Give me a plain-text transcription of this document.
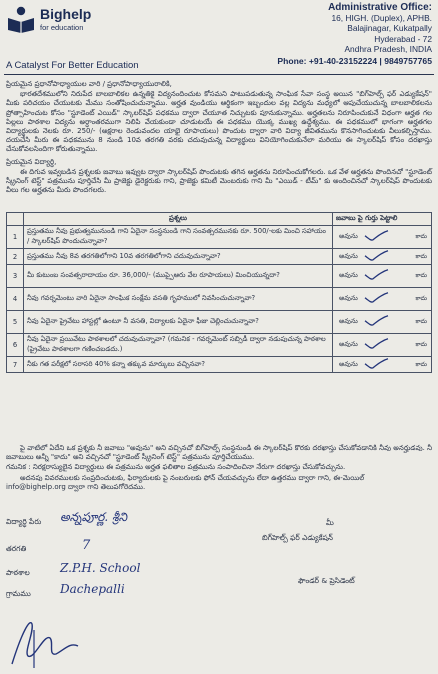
Bighelp
for education
A Catalyst For Better Education
Administrative Office:
16, HIGH. (Duplex), APHB.
Balajinagar, Kukatpally
Hyderabad - 72
Andhra Pradesh, INDIA
Phone: +91-40-23152224 | 9849757765
ప్రియమైన ప్రధానోపాధ్యాయుల వారి / ప్రధానోపాధ్యాయురాలికి,

భారతదేశములోని నిరుపేద బాలబాలికల ఉన్నతికై విద్యనందించుట కోసమని పాటుపడుతున్న సాంఘిక సేవా సంస్థ అయిన "బిగ్‌హెల్ప్ ఫర్ ఎడ్యుకేషన్" మీకు పరిచయం చేయుటకు మేము సంతోషించుచున్నాము. అర్హత వుండియు ఆర్థికంగా ఇబ్బందుల వల్ల విద్యను మధ్యలో ఆపుచేయుచున్న బాలబాలికలను ప్రోత్సాహించుట కోసం "స్టూడెంట్ ఎయిడ్" స్కాలర్‌షిప్ పధకము ద్వారా చేయూత నిచ్చుటకు పూనుకున్నాము. అర్హతలను నిరూపించుకునే విధంగా ఆర్హత గల పిల్లలు పాఠశాల విద్యను అర్ధాంతరముగా నిలిపి వేయకుండా చూడుటయే ఈ పధకము యొక్క ముఖ్య ఉద్దేశ్యము. ఈ పధకములో భాగంగా అర్హతగల విద్యార్థులకు నెలకు రూ. 250/- (అక్షరాల రెండువందల యాభై రూపాయలు) పొందుట ద్వారా వారి విద్యా జీవితమును కొనసాగించుటకు వీలుకల్పిస్తాము. దయచేసి మీరు ఈ పధకమును 8 నుండి 10వ తరగతి వరకు చదువుచున్న విద్యార్థులు వినియోగించుకునేలా మరియు ఈ స్కాలర్‌షిప్ కోసం దరఖాస్తు చేసుకోవలసిందిగా కోరుతున్నాము.

ప్రియమైన విద్యార్థి,

ఈ దిగువ ఇవ్వబడిన ప్రశ్నలకు జవాబు ఇవ్వుట ద్వారా స్కాలర్‌షిప్ పొందుటకు తగిన అర్హతను నిరూపించుకోగలరు. ఒక వేళ అర్హతను పొందినచో "స్టూడెంట్ స్క్రీనింగ్ టెస్ట్" పత్రమును పూర్తిచేసి మీ ప్రాజెక్టు డైరెక్టరుకు గాని, ప్రాజెక్టు కమిటీ మెంబరుకు గాని మీ "ఎయిడ్ - టీమ్" కు అందించినచో స్కాలర్‌షిప్ పొందుటకు వీలు గల అర్హతను మీరు పొందగలరు.

	ప్రశ్నలు	జవాబు పై గుర్తు పెట్టాలి
1	ప్రస్తుతము నీవు ప్రభుత్వమునుండి గాని ఏదైనా సంస్థనుండి గాని సంవత్సరమునకు రూ. 500/-లకు మించి సహాయం / స్కాలర్‌షిప్ పొందుచున్నావా?	అవును కాదు

2	ప్రస్తుతము నీవు 8వ తరగతిలోగాని 10వ తరగతిలోగాని చదువుచున్నావా?	అవును కాదు

3	మీ కుటుంబ సంవత్సరాదాయం రూ. 36,000/- (ముప్పైఆరు వేల రూపాయలు) మించియున్నదా?	అవును కాదు

4	నీవు గవర్నమెంటు వారి ఏదైనా సాంఘిక సంక్షేమ వసతి గృహములో నివసించుచున్నావా?	అవును కాదు

5	నీవు ఏదైనా ప్రైవేటు హాస్టల్లో ఉంటూ నీ వసతి, విద్యాలకు ఏదైనా ఫీజు చెల్లించుచున్నావా?	అవును కాదు

6	నీవు ఏదైనా ప్రయివేటు పాఠశాలలో చదువుచున్నావా? (గమనిక - గవర్నమెంట్ సబ్సిడీ ద్వారా నడుపుచున్న పాఠశాల (ప్రైవేటు పాఠశాలగా గణించబడదు.)	అవును కాదు

7	నీకు గత పరీక్షలో సరాసరి 40% కన్నా తక్కువ మార్కులు వచ్చినవా?	అవును కాదు

పై వాటిలో ఏదేని ఒక ప్రశ్నకు నీ జవాబు "అవును" అని వచ్చినచో బిగ్‌హెల్ప్ సంస్థనుండి ఈ స్కాలర్‌షిప్ కొరకు దరఖాస్తు చేసుకోవడానికి నీవు అనర్హుడవు. నీ జవాబులు అన్నీ "కాదు" అని వచ్చినచో "స్టూడెంట్ స్క్రీనింగ్ టెస్ట్" పత్రమును పూర్తిచేయుము.

గమనిక : నిరక్షరాస్యులైన విద్యార్థులు ఈ పత్రమును అర్హత ఫలితాల పత్రమును సంపాదించినా నేరుగా దరఖాస్తు చేసుకోవచ్చును.

అదనపు వివరములకు సంప్రదించుటకు, ఫిర్యాదులకు పై నంబరులకు ఫోన్ చేయవచ్చును లేదా ఉత్తరము ద్వారా గాని, ఈ-మెయిల్

info@bighelp.org ద్వారా గాని తెలుపగోరెదము.
విద్యార్థి పేరు అన్నపూర్ణ. శ్రీని
తరగతి	7
పాఠశాల	Z.P.H. School
గ్రామము Dachepalli
మీ
బిగ్‌హెల్ప్ ఫర్ ఎడ్యుకేషన్
ఫౌండర్ & ప్రెసిడెంట్
